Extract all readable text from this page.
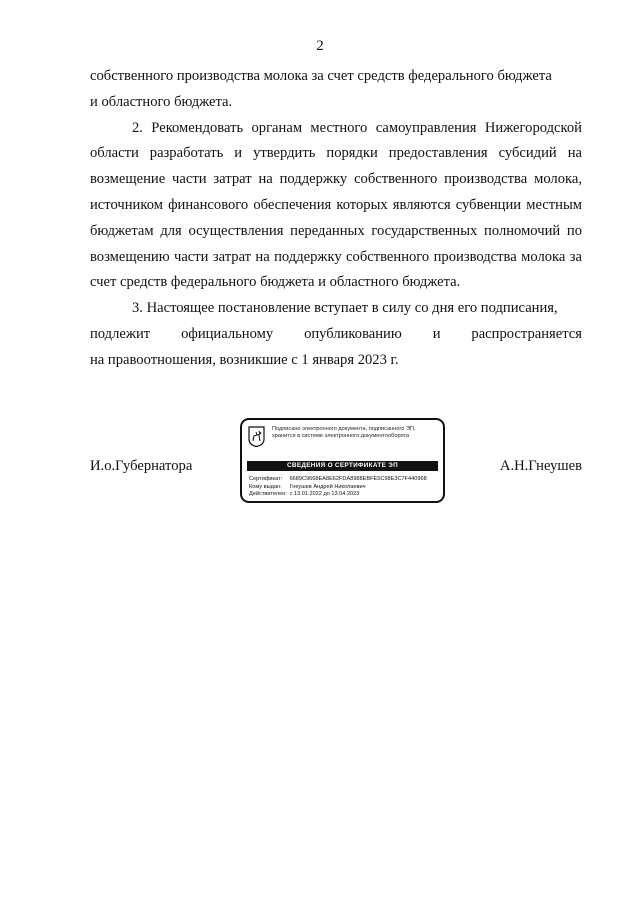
2

собственного производства молока за счет средств федерального бюджета

и областного бюджета.

2. Рекомендовать органам местного самоуправления Нижегородской области разработать и утвердить порядки предоставления субсидий на возмещение части затрат на поддержку собственного производства молока, источником финансового обеспечения которых являются субвенции местным бюджетам для осуществления переданных государственных полномочий по возмещению части затрат на поддержку собственного производства молока за счет средств федерального бюджета и областного бюджета.

3. Настоящее постановление вступает в силу со дня его подписания,

подлежит официальному опубликованию и распространяется

на правоотношения, возникшие с 1 января 2023 г.

И.о.Губернатора	А.Н.Гнеушев
Подписано электронного документа, подписанного ЭП,
хранится в системе электронного документооборота
СВЕДЕНИЯ О СЕРТИФИКАТЕ ЭП
Сертификат: 6689C9668EA8E62FDA8988EBFE5C98E3C7F440968
Кому выдан: Гнеушев Андрей Николаевич
Действителен: с 13.01.2022 до 13.04.2023
